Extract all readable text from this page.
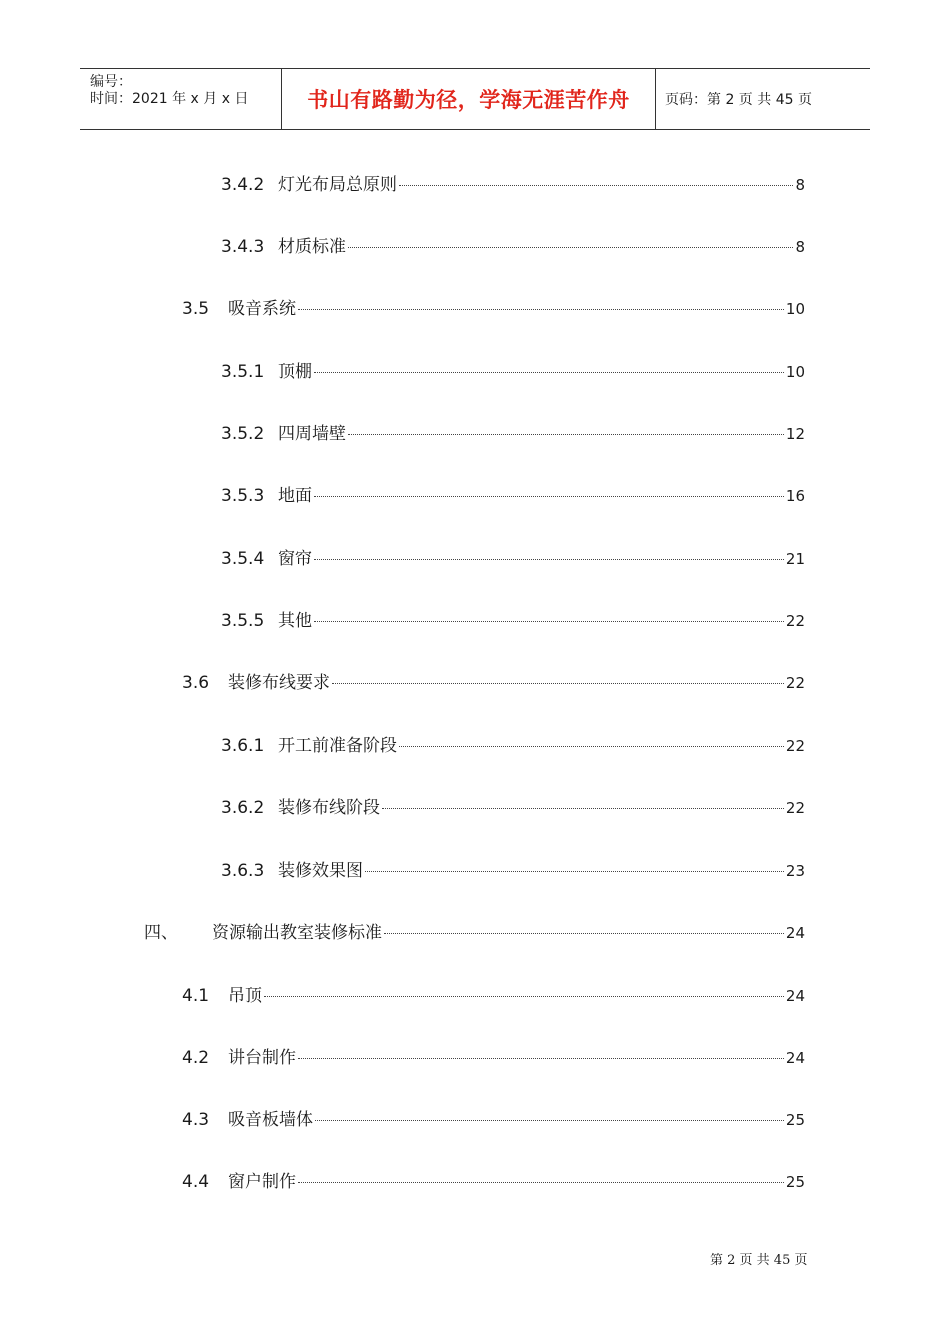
编号：
时间：2021 年 x 月 x 日	书山有路勤为径，学海无涯苦作舟	页码：第 2 页 共 45 页
3.4.2 灯光布局总原则	8
3.4.3 材质标准	8
3.5	吸音系统	10
3.5.1 顶棚	10
3.5.2 四周墙壁	12
3.5.3 地面	16
3.5.4 窗帘	21
3.5.5 其他	22
3.6	装修布线要求	22
3.6.1 开工前准备阶段	22
3.6.2 装修布线阶段	22
3.6.3 装修效果图	23
四、	资源输出教室装修标准	24
4.1	吊顶	24
4.2	讲台制作	24
4.3	吸音板墙体	25
4.4	窗户制作	25
第 2 页 共 45 页
